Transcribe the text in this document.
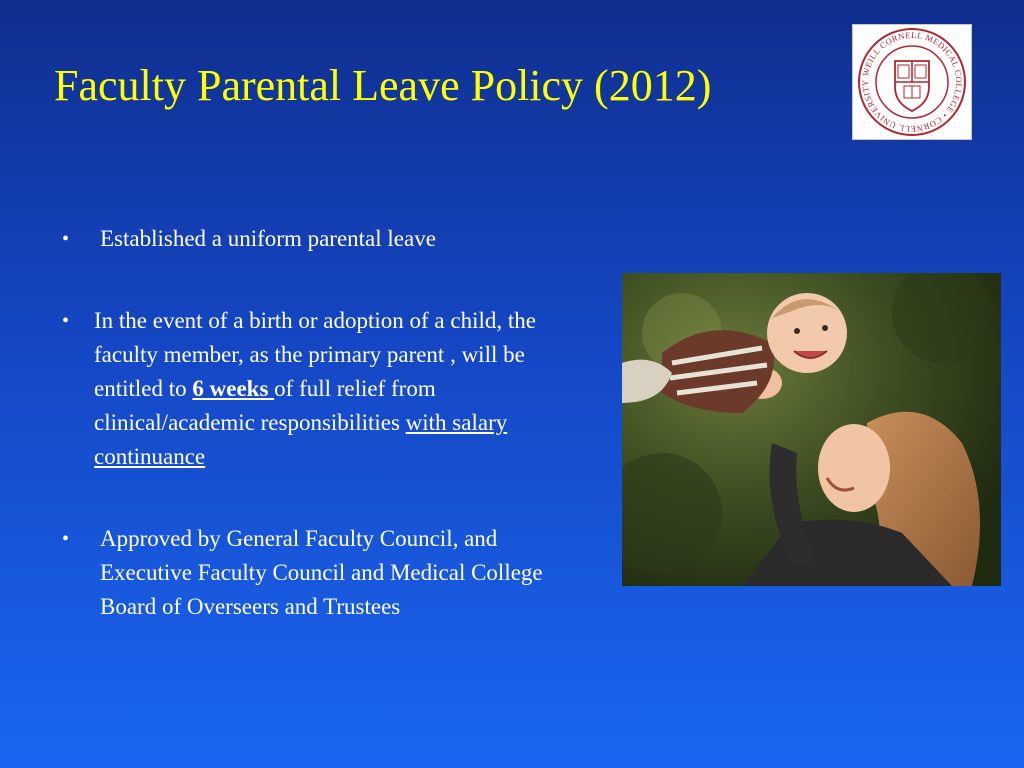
Faculty Parental Leave Policy (2012)	WEILL CORNELL MEDICAL COLLEGE • CORNELL UNIVERSITY
• Established a uniform parental leave
• In the event of a birth or adoption of a child, the faculty member, as the primary parent , will be entitled to 6 weeks of full relief from clinical/academic responsibilities with salary continuance
• Approved by General Faculty Council, and Executive Faculty Council and Medical College Board of Overseers and Trustees
